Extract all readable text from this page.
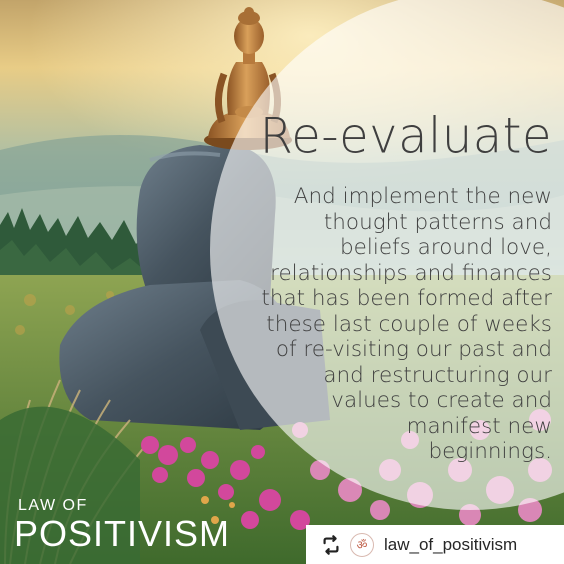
Re-evaluate
And implement the new
thought patterns and
beliefs around love,
relationships and finances
that has been formed after
these last couple of weeks
of re-visiting our past and
and restructuring our
values to create and
manifest new
beginnings.
LAW OF
POSITIVISM	ॐ law_of_positivism
